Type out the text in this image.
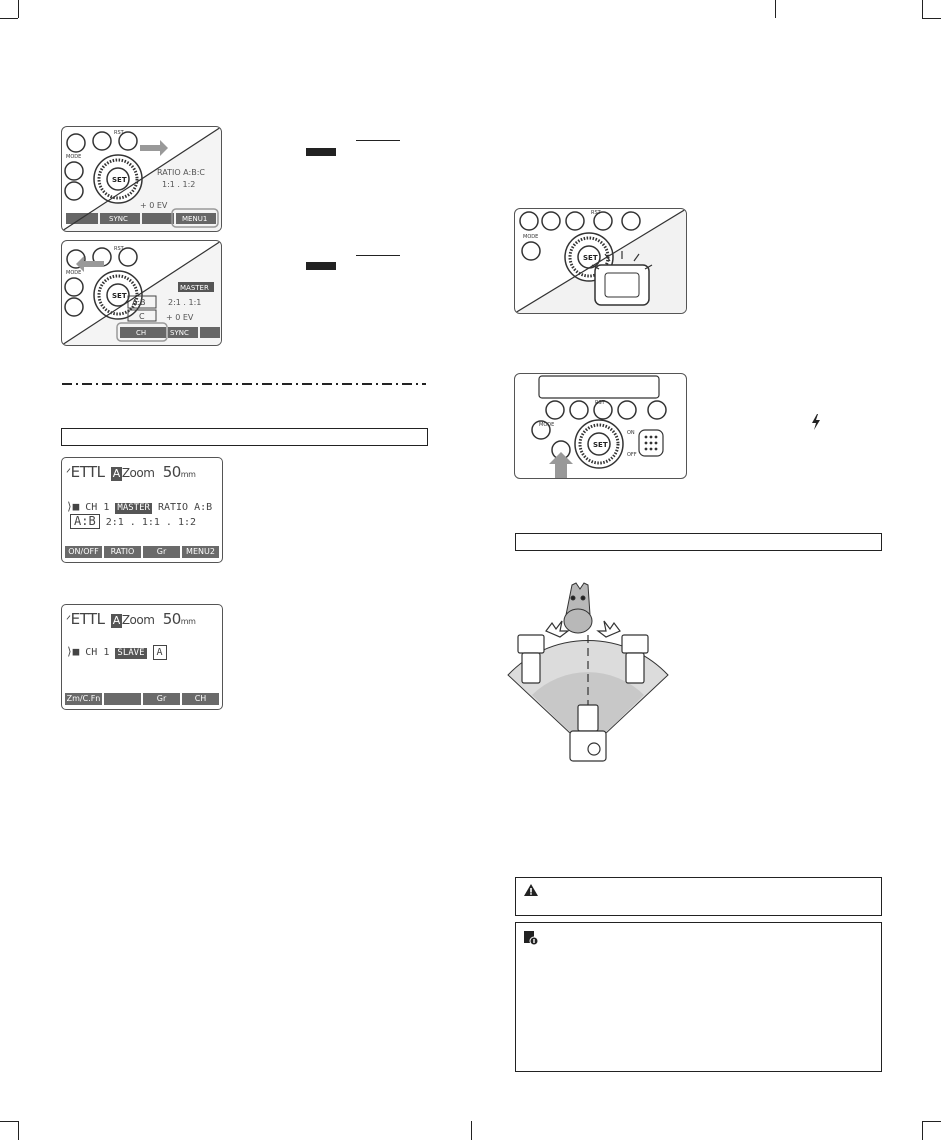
RST
SET
MODE
RATIO A:B:C
1:1 . 1:2
+ 0 EV
SYNC	MENU1
RST
SET
MODE
MASTER
A:B	2:1 . 1:1
C	+ 0 EV
CH	SYNC
ᐟETTL A Zoom 50mm
⟩■ CH 1 MASTER RATIO A:B
A:B 2:1 . 1:1 . 1:2
ON/OFF	RATIO	Gr	MENU2
ᐟETTL A Zoom 50mm
⟩■ CH 1 SLAVE A
Zm/C.Fn	Gr	CH
RST
SET
MODE
RST
SET
MODE
ON
OFF
